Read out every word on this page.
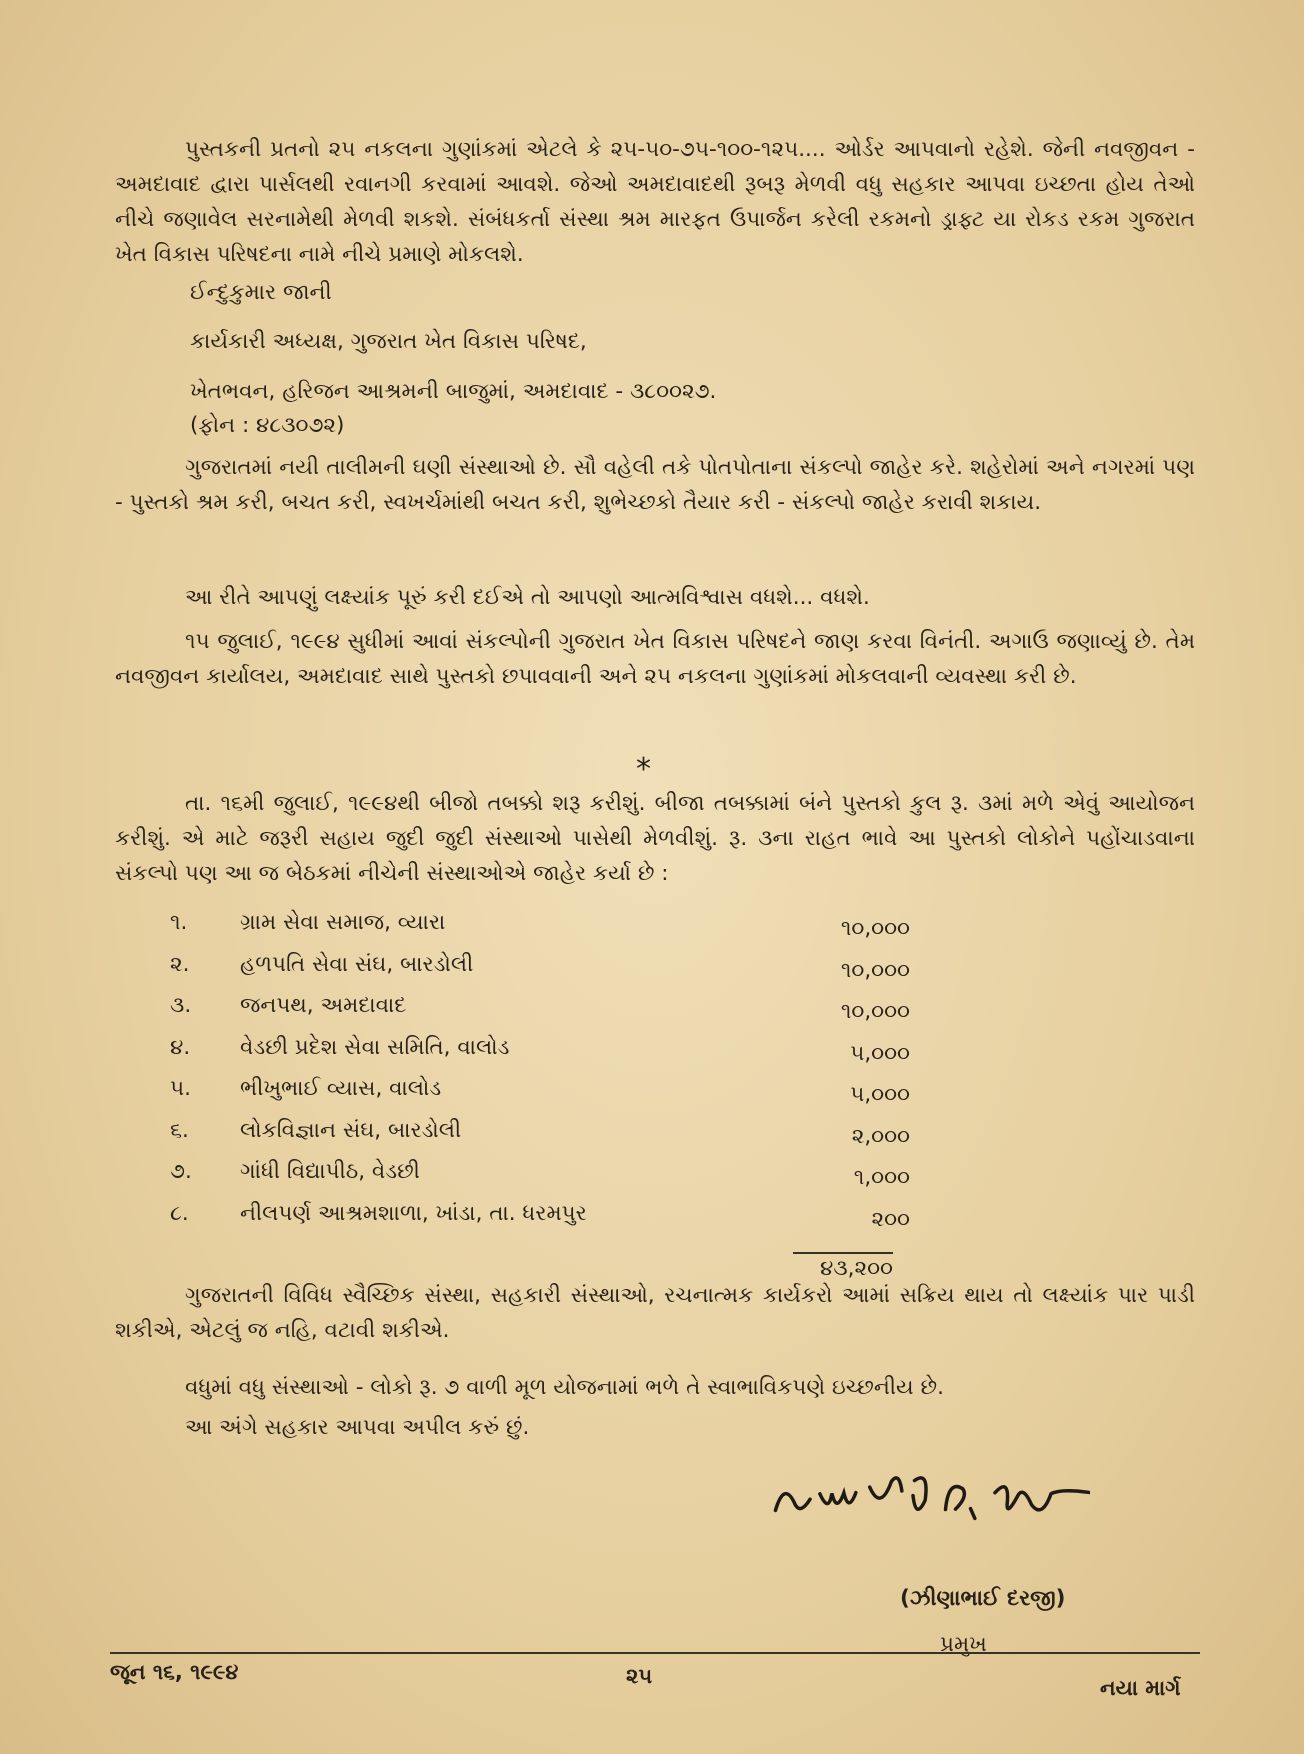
પુસ્તકની પ્રતનો ૨૫ નકલના ગુણાંકમાં એટલે કે ૨૫-૫૦-૭૫-૧૦૦-૧૨૫.... ઓર્ડર આપવાનો રહેશે. જેની નવજીવન - અમદાવાદ દ્વારા પાર્સલથી રવાનગી કરવામાં આવશે. જેઓ અમદાવાદથી રૂબરૂ મેળવી વધુ સહકાર આપવા ઇચ્છતા હોય તેઓ નીચે જણાવેલ સરનામેથી મેળવી શકશે. સંબંધકર્તા સંસ્થા શ્રમ મારફત ઉપાર્જન કરેલી રકમનો ડ્રાફ્ટ યા રોકડ રકમ ગુજરાત ખેત વિકાસ પરિષદના નામે નીચે પ્રમાણે મોકલશે.
ઈન્દુકુમાર જાની
કાર્યકારી અધ્યક્ષ, ગુજરાત ખેત વિકાસ પરિષદ,
ખેતભવન, હરિજન આશ્રમની બાજુમાં, અમદાવાદ - ૩૮૦૦૨૭.
(ફોન : ૪૮૩૦૭૨)
ગુજરાતમાં નયી તાલીમની ઘણી સંસ્થાઓ છે. સૌ વહેલી તકે પોતપોતાના સંકલ્પો જાહેર કરે. શહેરોમાં અને નગરમાં પણ - પુસ્તકો શ્રમ કરી, બચત કરી, સ્વખર્ચમાંથી બચત કરી, શુભેચ્છકો તૈયાર કરી - સંકલ્પો જાહેર કરાવી શકાય.
આ રીતે આપણું લક્ષ્યાંક પૂરું કરી દઈએ તો આપણો આત્મવિશ્વાસ વધશે... વધશે.
૧૫ જુલાઈ, ૧૯૯૪ સુધીમાં આવાં સંકલ્પોની ગુજરાત ખેત વિકાસ પરિષદને જાણ કરવા વિનંતી. અગાઉ જણાવ્યું છે. તેમ નવજીવન કાર્યાલય, અમદાવાદ સાથે પુસ્તકો છપાવવાની અને ૨૫ નકલના ગુણાંકમાં મોકલવાની વ્યવસ્થા કરી છે.
*
તા. ૧૬મી જુલાઈ, ૧૯૯૪થી બીજો તબક્કો શરૂ કરીશું. બીજા તબક્કામાં બંને પુસ્તકો કુલ રૂ. ૩માં મળે એવું આયોજન કરીશું. એ માટે જરૂરી સહાય જુદી જુદી સંસ્થાઓ પાસેથી મેળવીશું. રૂ. ૩ના રાહત ભાવે આ પુસ્તકો લોકોને પહોંચાડવાના સંકલ્પો પણ આ જ બેઠકમાં નીચેની સંસ્થાઓએ જાહેર કર્યા છે :
૧.	ગ્રામ સેવા સમાજ, વ્યારા	૧૦,૦૦૦
૨.	હળપતિ સેવા સંઘ, બારડોલી	૧૦,૦૦૦
૩.	જનપથ, અમદાવાદ	૧૦,૦૦૦
૪.	વેડછી પ્રદેશ સેવા સમિતિ, વાલોડ	૫,૦૦૦
૫.	ભીખુભાઈ વ્યાસ, વાલોડ	૫,૦૦૦
૬.	લોકવિજ્ઞાન સંઘ, બારડોલી	૨,૦૦૦
૭.	ગાંધી વિદ્યાપીઠ, વેડછી	૧,૦૦૦
૮.	નીલપર્ણ આશ્રમશાળા, ખાંડા, તા. ધરમપુર	૨૦૦
૪૩,૨૦૦
ગુજરાતની વિવિધ સ્વૈચ્છિક સંસ્થા, સહકારી સંસ્થાઓ, રચનાત્મક કાર્યકરો આમાં સક્રિય થાય તો લક્ષ્યાંક પાર પાડી શકીએ, એટલું જ નહિ, વટાવી શકીએ.
વધુમાં વધુ સંસ્થાઓ - લોકો રૂ. ૭ વાળી મૂળ યોજનામાં ભળે તે સ્વાભાવિકપણે ઇચ્છનીય છે.
આ અંગે સહકાર આપવા અપીલ કરું છું.
(ઝીણાભાઈ દરજી)
પ્રમુખ
જૂન ૧૬, ૧૯૯૪	૨૫	નયા માર્ગ
